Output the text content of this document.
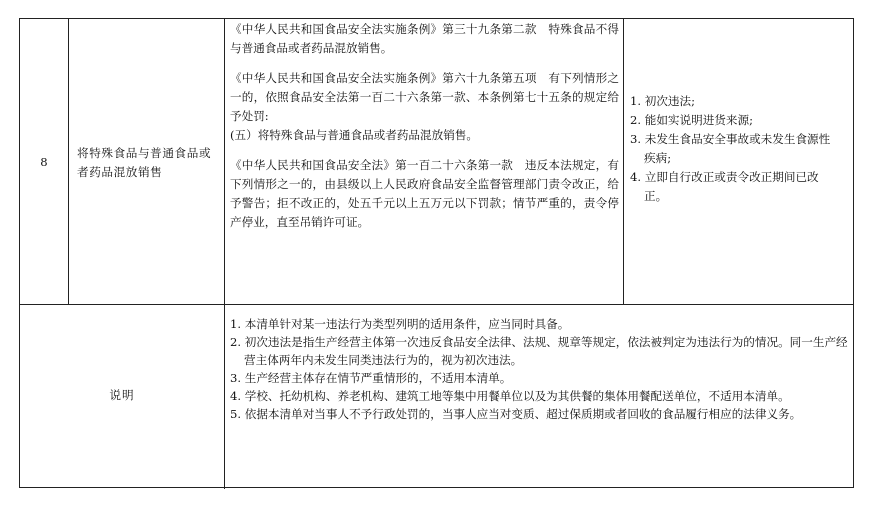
8
将特殊食品与普通食品或者药品混放销售

《中华人民共和国食品安全法实施条例》第三十九条第二款　特殊食品不得与普通食品或者药品混放销售。

《中华人民共和国食品安全法实施条例》第六十九条第五项　有下列情形之一的，依照食品安全法第一百二十六条第一款、本条例第七十五条的规定给予处罚:

(五）将特殊食品与普通食品或者药品混放销售。

《中华人民共和国食品安全法》第一百二十六条第一款　违反本法规定，有下列情形之一的，由县级以上人民政府食品安全监督管理部门责令改正，给予警告；拒不改正的，处五千元以上五万元以下罚款；情节严重的，责令停产停业，直至吊销许可证。

1. 初次违法;
2. 能如实说明进货来源;
3. 未发生食品安全事故或未发生食源性疾病;
4. 立即自行改正或责令改正期间已改正。
说明
1. 本清单针对某一违法行为类型列明的适用条件，应当同时具备。
2. 初次违法是指生产经营主体第一次违反食品安全法律、法规、规章等规定，依法被判定为违法行为的情况。同一生产经营主体两年内未发生同类违法行为的，视为初次违法。
3. 生产经营主体存在情节严重情形的，不适用本清单。
4. 学校、托幼机构、养老机构、建筑工地等集中用餐单位以及为其供餐的集体用餐配送单位，不适用本清单。
5. 依据本清单对当事人不予行政处罚的，当事人应当对变质、超过保质期或者回收的食品履行相应的法律义务。
